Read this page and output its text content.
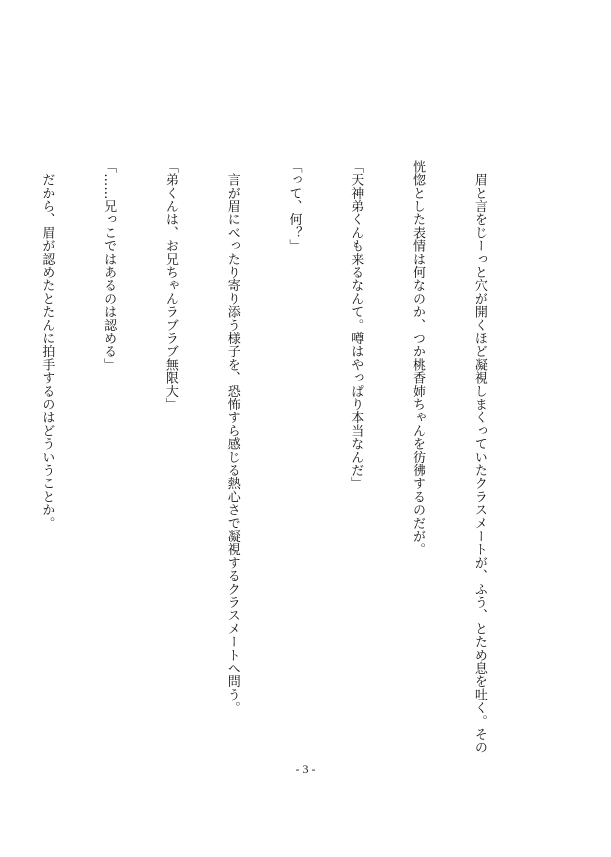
　眉と言をじーっと穴が開くほど凝視しまくっていたクラスメートが、ふう、とため息を吐く。その

恍惚とした表情は何なのか、つか桃香姉ちゃんを彷彿するのだが。

「天神弟くんも来るなんて。噂はやっぱり本当なんだ」

「って、何？」

　言が眉にべったり寄り添う様子を、恐怖すら感じる熱心さで凝視するクラスメートへ問う。

「弟くんは、お兄ちゃんラブラブ無限大」

「……兄っこではあるのは認める」

　だから、眉が認めたとたんに拍手するのはどういうことか。

- 3 -
